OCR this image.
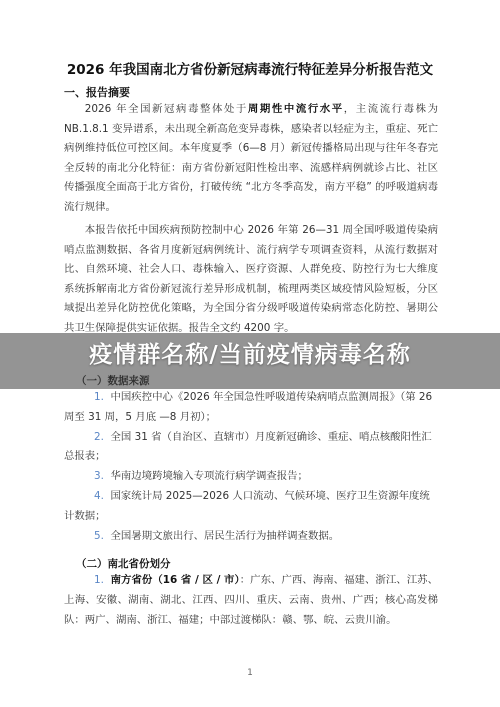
2026 年我国南北方省份新冠病毒流行特征差异分析报告范文
一、报告摘要
2026 年全国新冠病毒整体处于周期性中流行水平，主流流行毒株为 NB.1.8.1 变异谱系，未出现全新高危变异毒株，感染者以轻症为主，重症、死亡病例维持低位可控区间。本年度夏季（6—8 月）新冠传播格局出现与往年冬春完全反转的南北分化特征：南方省份新冠阳性检出率、流感样病例就诊占比、社区传播强度全面高于北方省份，打破传统 “北方冬季高发，南方平稳” 的呼吸道病毒流行规律。
本报告依托中国疾病预防控制中心 2026 年第 26—31 周全国呼吸道传染病哨点监测数据、各省月度新冠病例统计、流行病学专项调查资料，从流行数据对比、自然环境、社会人口、毒株输入、医疗资源、人群免疫、防控行为七大维度系统拆解南北方省份新冠流行差异形成机制，梳理两类区域疫情风险短板，分区域提出差异化防控优化策略，为全国分省分级呼吸道传染病常态化防控、暑期公共卫生保障提供实证依据。报告全文约 4200 字。
1. 中国疾控中心《2026 年全国急性呼吸道传染病哨点监测周报》（第 26 周至 31 周，5 月底 —8 月初）；
2. 全国 31 省（自治区、直辖市）月度新冠确诊、重症、哨点核酸阳性汇总报表；
3. 华南边境跨境输入专项流行病学调查报告；
4. 国家统计局 2025—2026 人口流动、气候环境、医疗卫生资源年度统计数据；
5. 全国暑期文旅出行、居民生活行为抽样调查数据。
（二）南北省份划分
1. 南方省份（16 省 / 区 / 市）：广东、广西、海南、福建、浙江、江苏、上海、安徽、湖南、湖北、江西、四川、重庆、云南、贵州、广西；核心高发梯队：两广、湖南、浙江、福建；中部过渡梯队：赣、鄂、皖、云贵川渝。
1
疫情群名称/当前疫情病毒名称
